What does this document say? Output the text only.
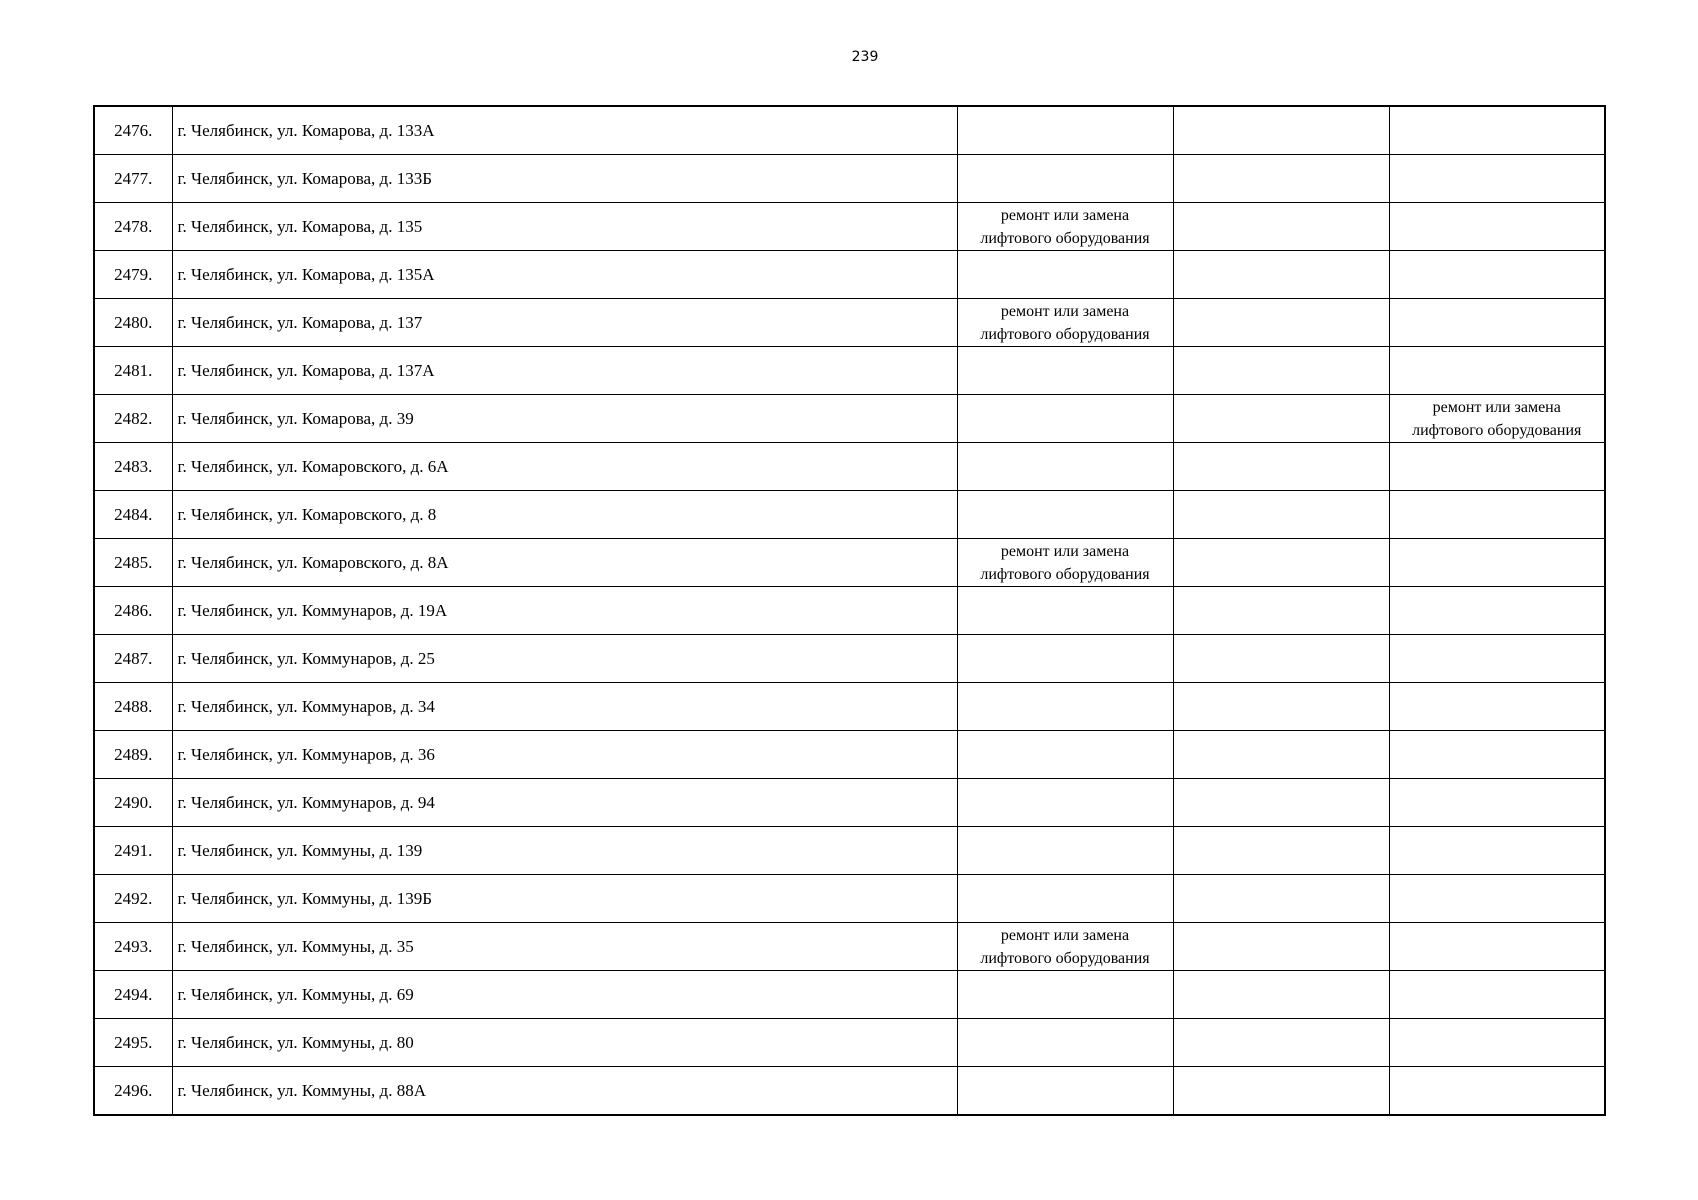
239
2476.	г. Челябинск, ул. Комарова, д. 133А			
2477.	г. Челябинск, ул. Комарова, д. 133Б			
2478.	г. Челябинск, ул. Комарова, д. 135	ремонт или замена
лифтового оборудования		

2479.	г. Челябинск, ул. Комарова, д. 135А			
2480.	г. Челябинск, ул. Комарова, д. 137	ремонт или замена
лифтового оборудования		

2481.	г. Челябинск, ул. Комарова, д. 137А			
2482.	г. Челябинск, ул. Комарова, д. 39			ремонт или замена
лифтового оборудования

2483.	г. Челябинск, ул. Комаровского, д. 6А			
2484.	г. Челябинск, ул. Комаровского, д. 8			
2485.	г. Челябинск, ул. Комаровского, д. 8А	ремонт или замена
лифтового оборудования		

2486.	г. Челябинск, ул. Коммунаров, д. 19А			
2487.	г. Челябинск, ул. Коммунаров, д. 25			
2488.	г. Челябинск, ул. Коммунаров, д. 34			
2489.	г. Челябинск, ул. Коммунаров, д. 36			
2490.	г. Челябинск, ул. Коммунаров, д. 94			
2491.	г. Челябинск, ул. Коммуны, д. 139			
2492.	г. Челябинск, ул. Коммуны, д. 139Б			
2493.	г. Челябинск, ул. Коммуны, д. 35	ремонт или замена
лифтового оборудования		

2494.	г. Челябинск, ул. Коммуны, д. 69			
2495.	г. Челябинск, ул. Коммуны, д. 80			
2496.	г. Челябинск, ул. Коммуны, д. 88А			
